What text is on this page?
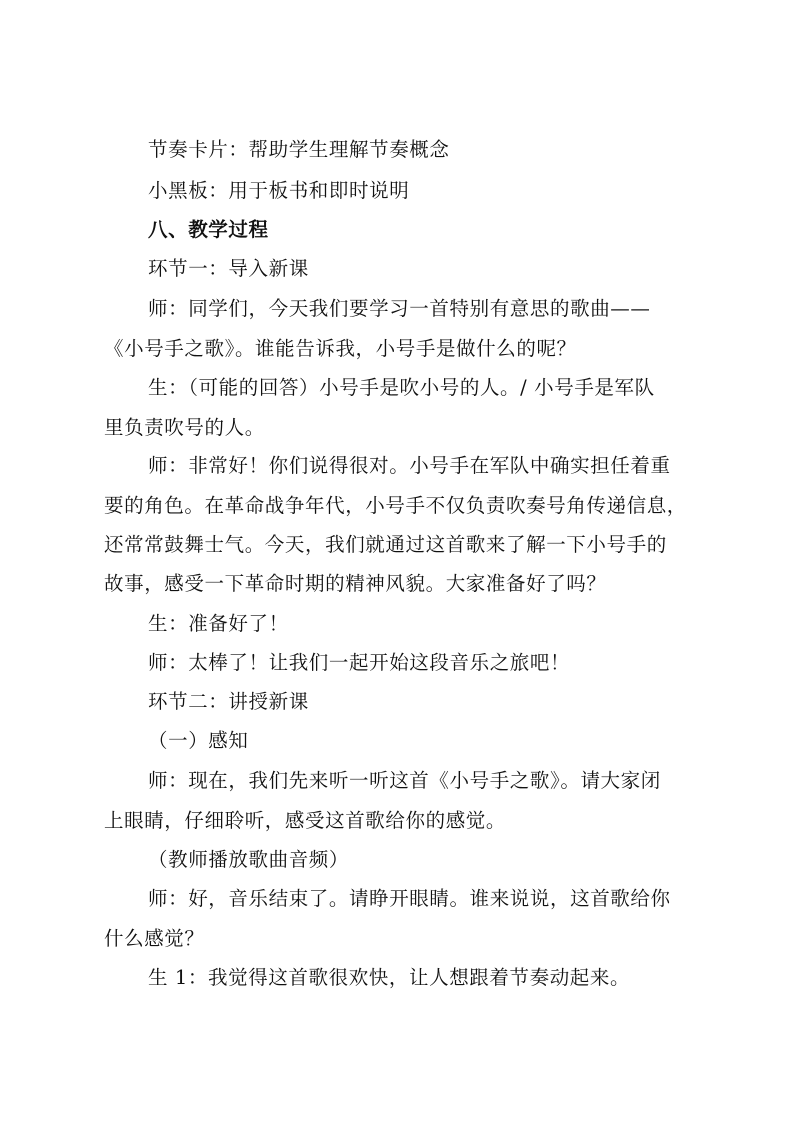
节奏卡片：帮助学生理解节奏概念
小黑板：用于板书和即时说明
八、教学过程
环节一：导入新课
师：同学们，今天我们要学习一首特别有意思的歌曲——
《小号手之歌》。谁能告诉我，小号手是做什么的呢？
生：（可能的回答）小号手是吹小号的人。/ 小号手是军队
里负责吹号的人。
师：非常好！你们说得很对。小号手在军队中确实担任着重
要的角色。在革命战争年代，小号手不仅负责吹奏号角传递信息，
还常常鼓舞士气。今天，我们就通过这首歌来了解一下小号手的
故事，感受一下革命时期的精神风貌。大家准备好了吗？
生：准备好了！
师：太棒了！让我们一起开始这段音乐之旅吧！
环节二：讲授新课
（一）感知
师：现在，我们先来听一听这首《小号手之歌》。请大家闭
上眼睛，仔细聆听，感受这首歌给你的感觉。
（教师播放歌曲音频）
师：好，音乐结束了。请睁开眼睛。谁来说说，这首歌给你
什么感觉？
生 1：我觉得这首歌很欢快，让人想跟着节奏动起来。
